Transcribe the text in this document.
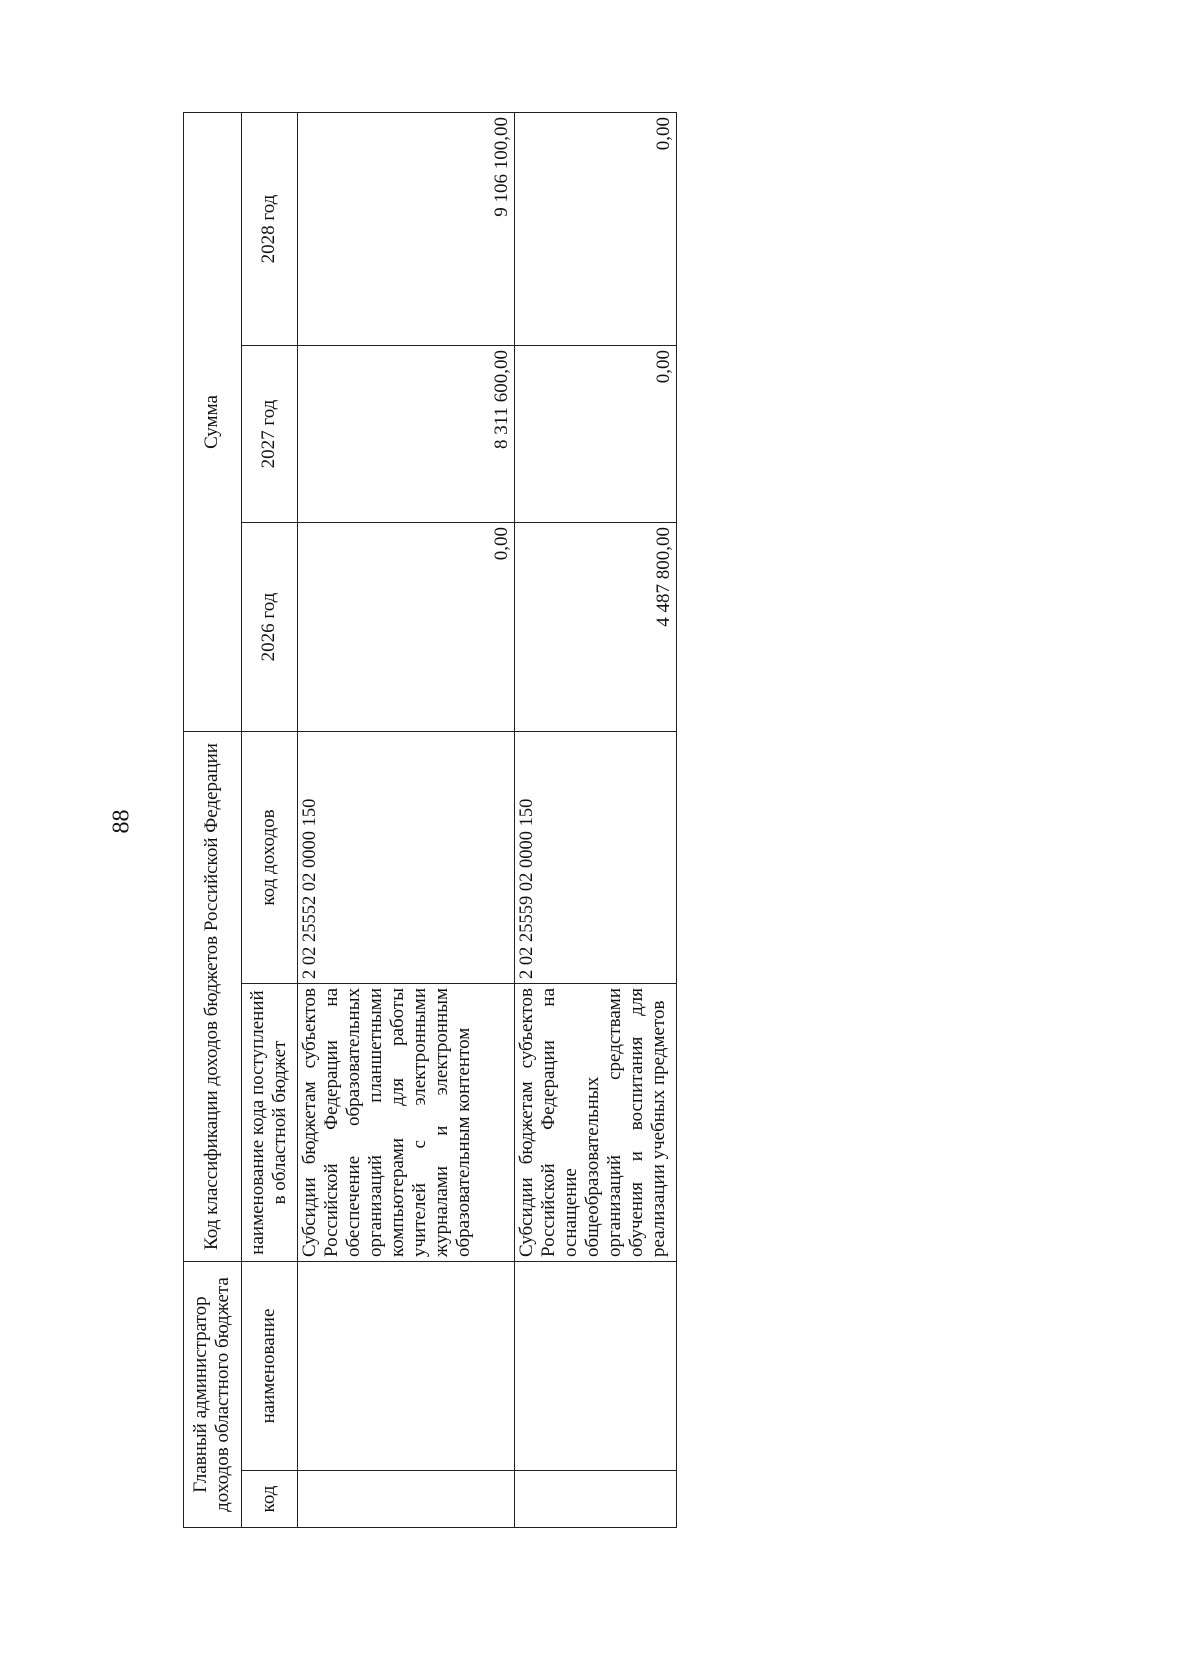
88
Главный администратор доходов областного бюджета		Код классификации доходов бюджетов Российской Федерации		Сумма		
код	наименование	наименование кода поступлений в областной бюджет	код доходов	2026 год	2027 год	2028 год
		Субсидии бюджетам субъектов Российской Федерации на обеспечение образовательных организаций планшетными компьютерами для работы учителей с электронными журналами и электронным образовательным контентом	2 02 25552 02 0000 150	0,00	8 311 600,00	9 106 100,00
		Субсидии бюджетам субъектов Российской Федерации на оснащение общеобразовательных организаций средствами обучения и воспитания для реализации учебных предметов	2 02 25559 02 0000 150	4 487 800,00	0,00	0,00
